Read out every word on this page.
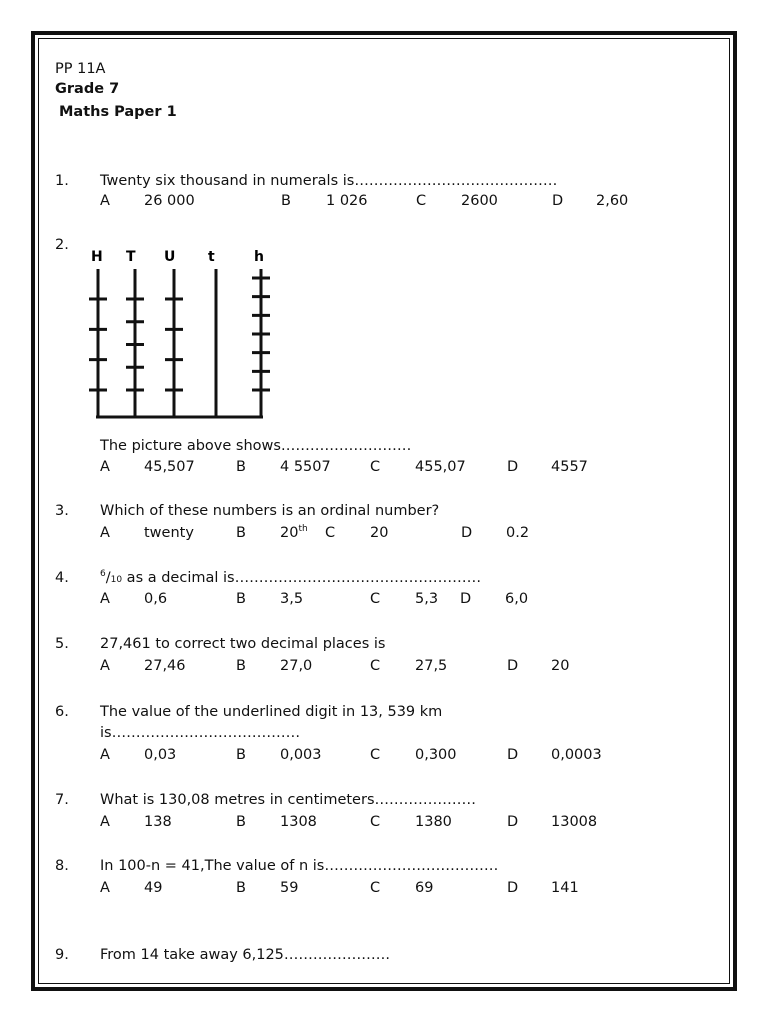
PP 11A
Grade 7
Maths Paper 1
1. Twenty six thousand in numerals is……………………………………
A 26 000	B 1 026	C 2600	D 2,60
2.
H T U t	h
The picture above shows………………………
A 45,507	B 4 5507	C 455,07	D 4557
3. Which of these numbers is an ordinal number?
A twenty	B 20th C 20	D 0.2
4.	$^6$/10 as a decimal is……………………………………………
A 0,6	B 3,5	C 5,3 D 6,0
5. 27,461 to correct two decimal places is
A 27,46	B 27,0	C 27,5	D 20
6. The value of the underlined digit in 13, 539 km
is…………………………………
A 0,03	B 0,003	C 0,300	D 0,0003
7. What is 130,08 metres in centimeters…………………
A 138	B 1308	C 1380	D 13008
8. In 100-n = 41,The value of n is………………………………
A 49	B 59	C 69	D 141
9. From 14 take away 6,125………………….
